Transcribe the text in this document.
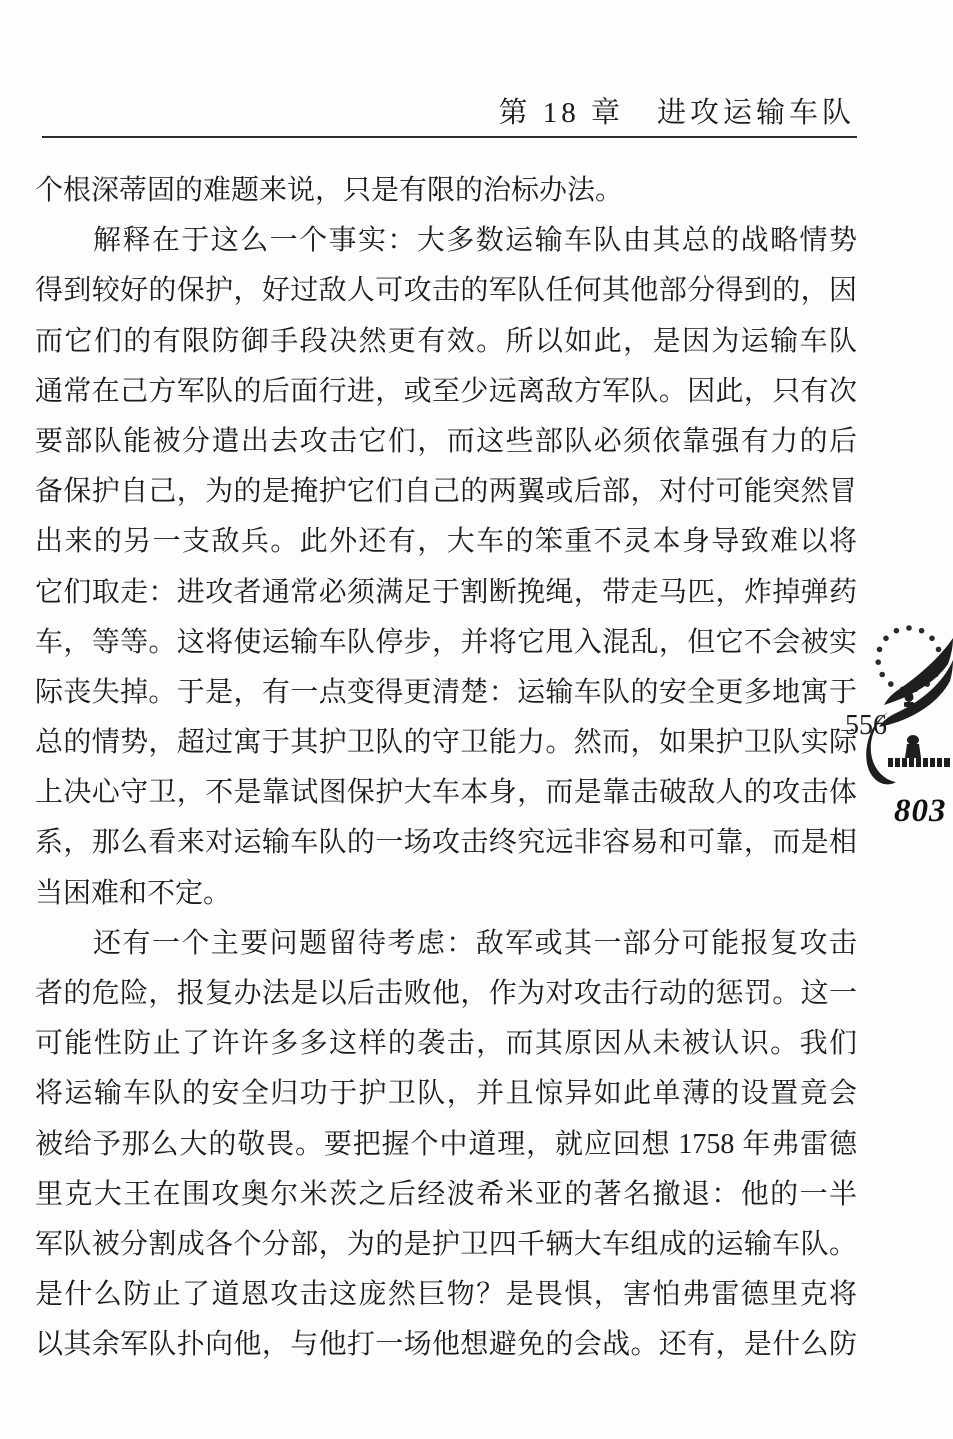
第 18 章　进攻运输车队
个根深蒂固的难题来说，只是有限的治标办法。
解释在于这么一个事实：大多数运输车队由其总的战略情势
得到较好的保护，好过敌人可攻击的军队任何其他部分得到的，因
而它们的有限防御手段决然更有效。所以如此，是因为运输车队
通常在己方军队的后面行进，或至少远离敌方军队。因此，只有次
要部队能被分遣出去攻击它们，而这些部队必须依靠强有力的后
备保护自己，为的是掩护它们自己的两翼或后部，对付可能突然冒
出来的另一支敌兵。此外还有，大车的笨重不灵本身导致难以将
它们取走：进攻者通常必须满足于割断挽绳，带走马匹，炸掉弹药
车，等等。这将使运输车队停步，并将它甩入混乱，但它不会被实
际丧失掉。于是，有一点变得更清楚：运输车队的安全更多地寓于
总的情势，超过寓于其护卫队的守卫能力。然而，如果护卫队实际
上决心守卫，不是靠试图保护大车本身，而是靠击破敌人的攻击体
系，那么看来对运输车队的一场攻击终究远非容易和可靠，而是相
当困难和不定。
还有一个主要问题留待考虑：敌军或其一部分可能报复攻击
者的危险，报复办法是以后击败他，作为对攻击行动的惩罚。这一
可能性防止了许许多多这样的袭击，而其原因从未被认识。我们
将运输车队的安全归功于护卫队，并且惊异如此单薄的设置竟会
被给予那么大的敬畏。要把握个中道理，就应回想 1758 年弗雷德
里克大王在围攻奥尔米茨之后经波希米亚的著名撤退：他的一半
军队被分割成各个分部，为的是护卫四千辆大车组成的运输车队。
是什么防止了道恩攻击这庞然巨物？是畏惧，害怕弗雷德里克将
以其余军队扑向他，与他打一场他想避免的会战。还有，是什么防
556
803
